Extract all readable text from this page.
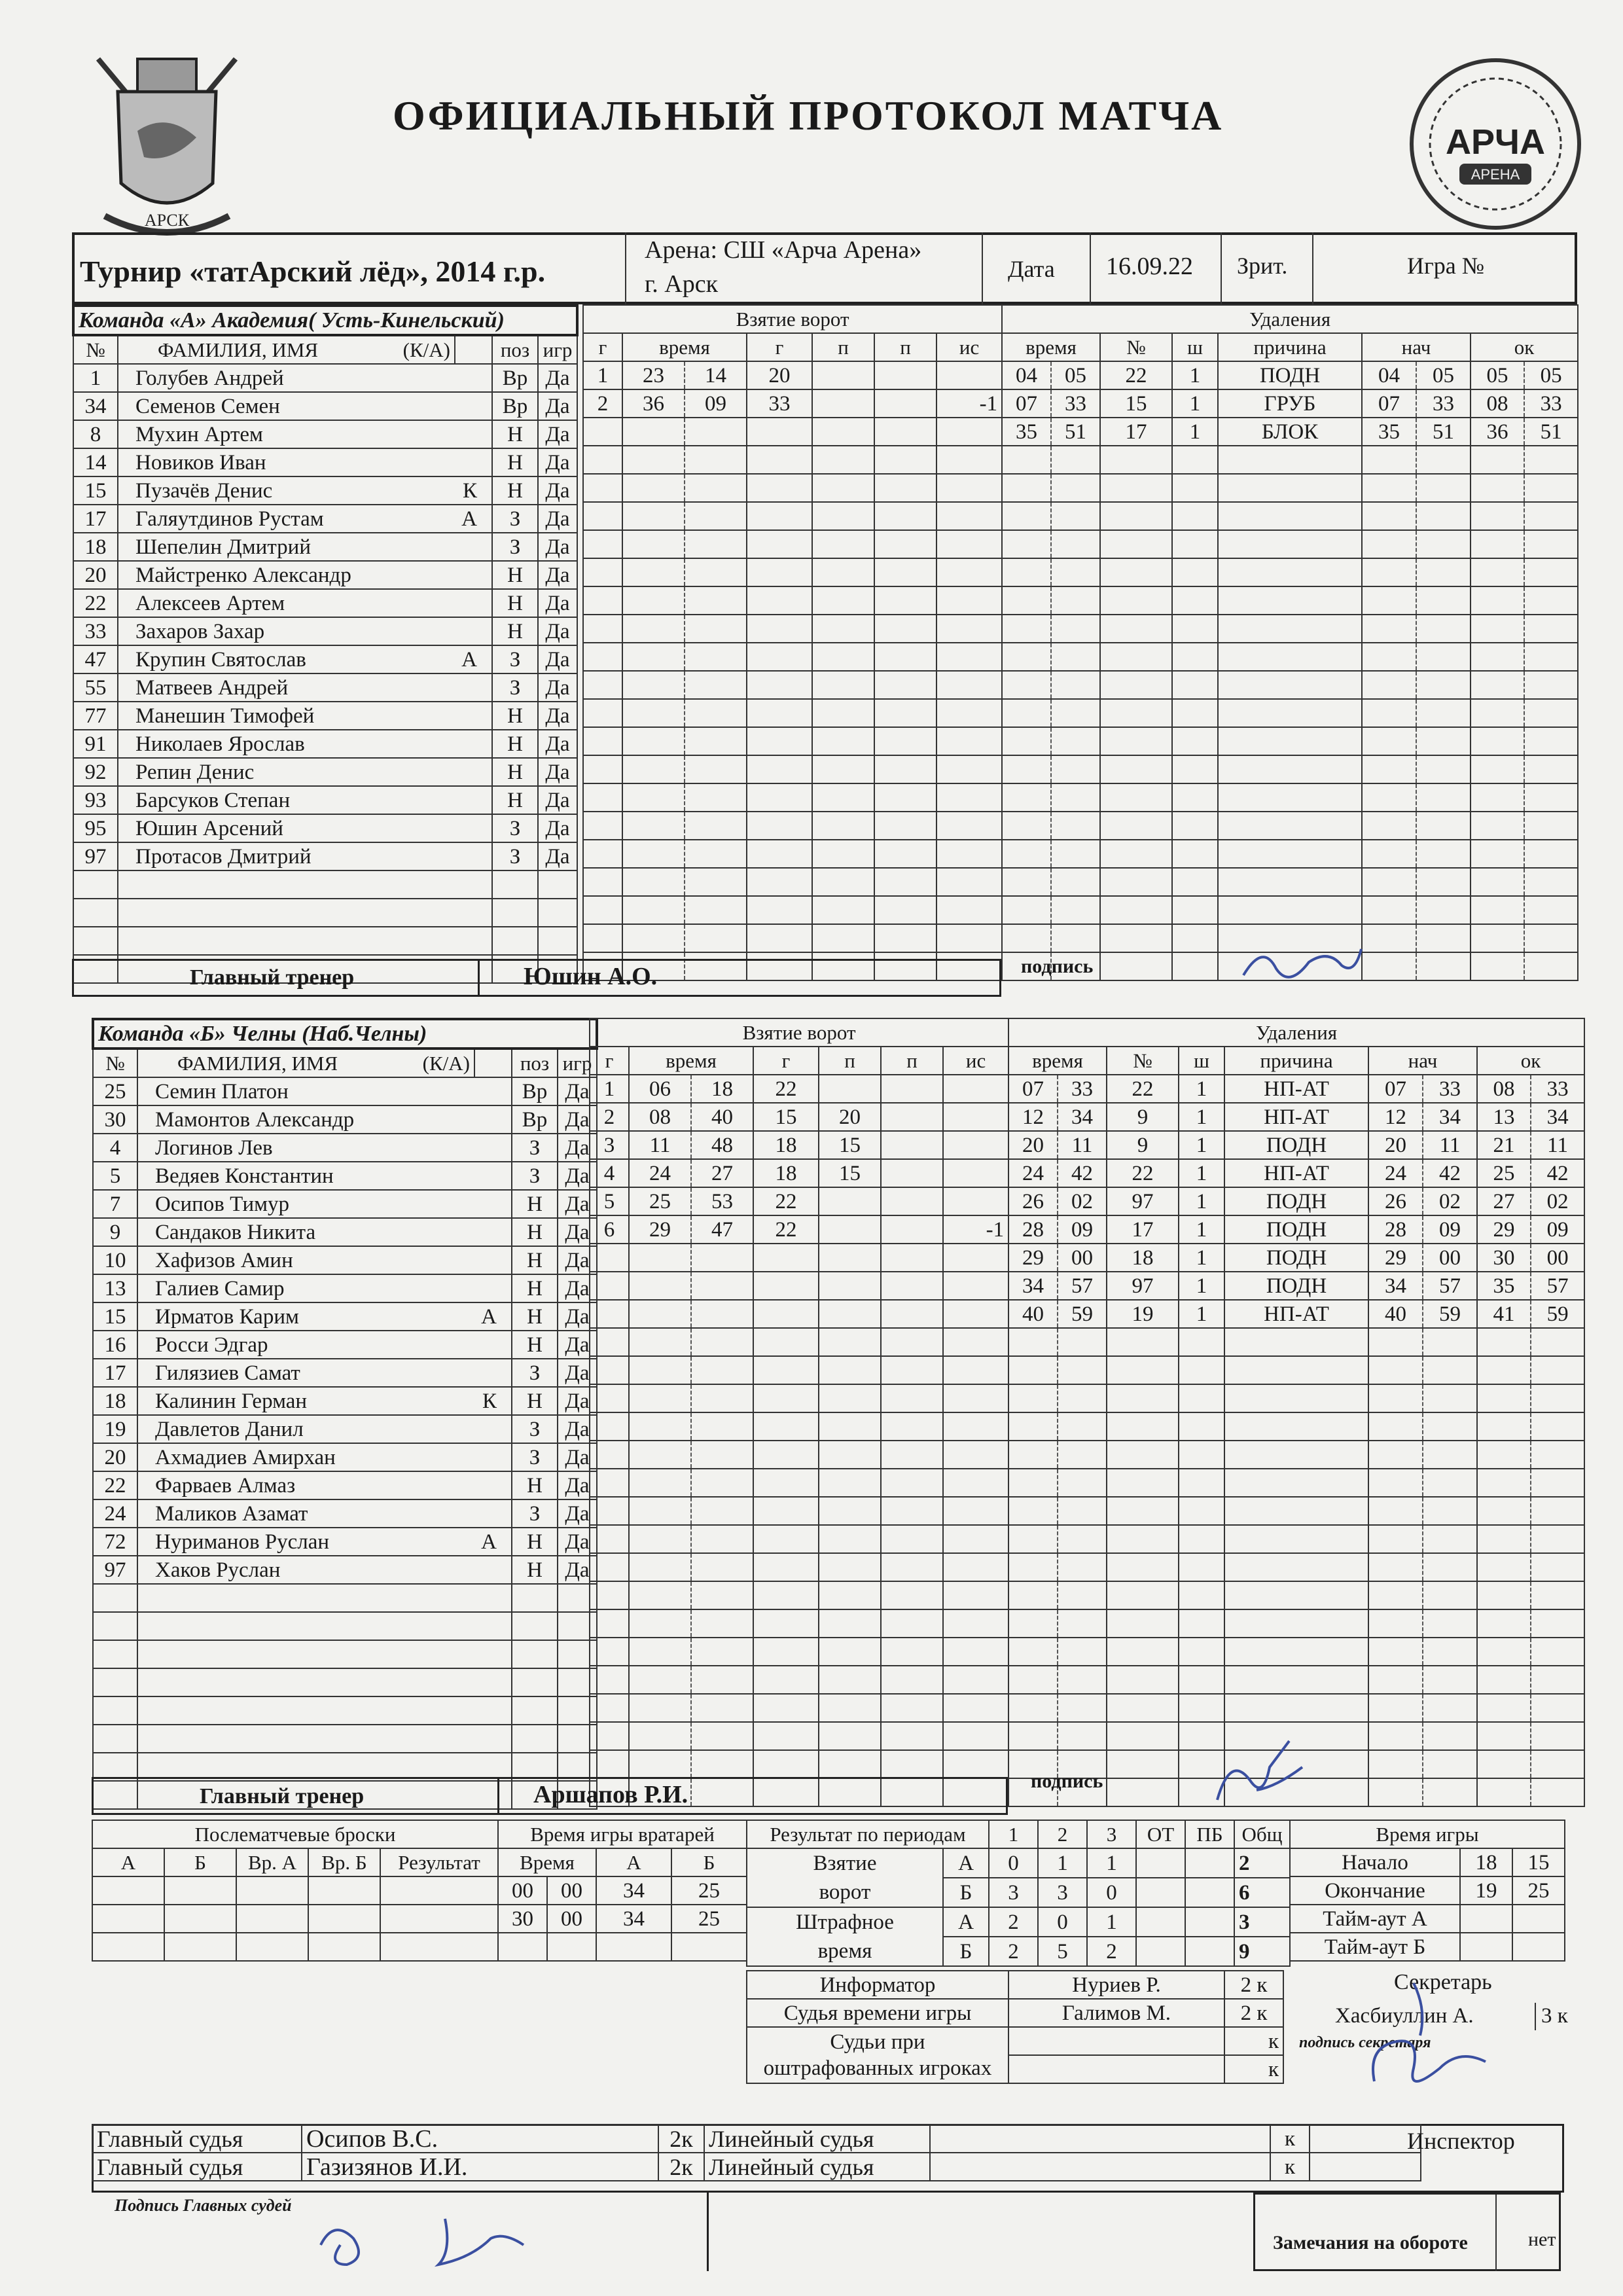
АРСК
ОФИЦИАЛЬНЫЙ ПРОТОКОЛ МАТЧА
АРЧА
АРЕНА
Турнир «татАрский лёд», 2014 г.р.
Арена: СШ «Арча Арена»
г. Арск
Дата 16.09.22 Зрит.	Игра №
Команда «А» Академия( Усть-Кинельский)				
№	ФАМИЛИЯ, ИМЯ (К/А)		поз	игр
1	Голубев Андрей		Вр	Да
34	Семенов Семен		Вр	Да
8	Мухин Артем		Н	Да
14	Новиков Иван		Н	Да
15	Пузачёв Денис К		Н	Да
17	Галяутдинов Рустам А		З	Да
18	Шепелин Дмитрий		З	Да
20	Майстренко Александр		Н	Да
22	Алексеев Артем		Н	Да
33	Захаров Захар		Н	Да
47	Крупин Святослав А		З	Да
55	Матвеев Андрей		З	Да
77	Манешин Тимофей		Н	Да
91	Николаев Ярослав		Н	Да
92	Репин Денис		Н	Да
93	Барсуков Степан		Н	Да
95	Юшин Арсений		З	Да
97	Протасов Дмитрий		З	Да

Взятие ворот						
г	время		г	п	п	ис
1	23	14	20			
2	36	09	33			-1

Удаления								
время		№	ш	причина	нач		ок	
04	05	22	1	ПОДН	04	05	05	05
07	33	15	1	ГРУБ	07	33	08	33
35	51	17	1	БЛОК	35	51	36	51

Главный тренер	Юшин А.О.	подпись
Команда «Б» Челны (Наб.Челны)				
№	ФАМИЛИЯ, ИМЯ (К/А)		поз	игр
25	Семин Платон		Вр	Да
30	Мамонтов Александр		Вр	Да
4	Логинов Лев		З	Да
5	Ведяев Константин		З	Да
7	Осипов Тимур		Н	Да
9	Сандаков Никита		Н	Да
10	Хафизов Амин		Н	Да
13	Галиев Самир		Н	Да
15	Ирматов Карим А		Н	Да
16	Росси Эдгар		Н	Да
17	Гилязиев Самат		З	Да
18	Калинин Герман К		Н	Да
19	Давлетов Данил		З	Да
20	Ахмадиев Амирхан		З	Да
22	Фарваев Алмаз		Н	Да
24	Маликов Азамат		З	Да
72	Нуриманов Руслан А		Н	Да
97	Хаков Руслан		Н	Да

Взятие ворот						
г	время		г	п	п	ис
1	06	18	22			
2	08	40	15	20		
3	11	48	18	15		
4	24	27	18	15		
5	25	53	22			
6	29	47	22			-1

Удаления								
время		№	ш	причина	нач		ок	
07	33	22	1	НП-АТ	07	33	08	33
12	34	9	1	НП-АТ	12	34	13	34
20	11	9	1	ПОДН	20	11	21	11
24	42	22	1	НП-АТ	24	42	25	42
26	02	97	1	ПОДН	26	02	27	02
28	09	17	1	ПОДН	28	09	29	09
29	00	18	1	ПОДН	29	00	30	00
34	57	97	1	ПОДН	34	57	35	57
40	59	19	1	НП-АТ	40	59	41	59

Главный тренер	Аршапов Р.И.	подпись
Послематчевые броски				
А	Б	Вр. А	Вр. Б	Результат

Время игры вратарей			
Время		А	Б
00	00	34	25
30	00	34	25

Результат по периодам		1	2	3	ОТ	ПБ	Общ
Взятие
ворот	А	0	1	1			2
	Б	3	3	0			6
Штрафное
время	А	2	0	1			3
	Б	2	5	2			9
Время игры		
Начало	18	15
Окончание	19	25
Тайм-аут А		
Тайм-аут Б		
Информатор	Нуриев Р.	2 к
Судья времени игры	Галимов М.	2 к
Судьи при
оштрафованных игроках		к
		к
Секретарь
Хасбиуллин А.	3 к
подпись секретаря
Главный судья	Осипов В.С.	2к	Линейный судья		к	
Главный судья	Газизянов И.И.	2к	Линейный судья		к	
Инспектор
Подпись Главных судей
Замечания на обороте	нет
